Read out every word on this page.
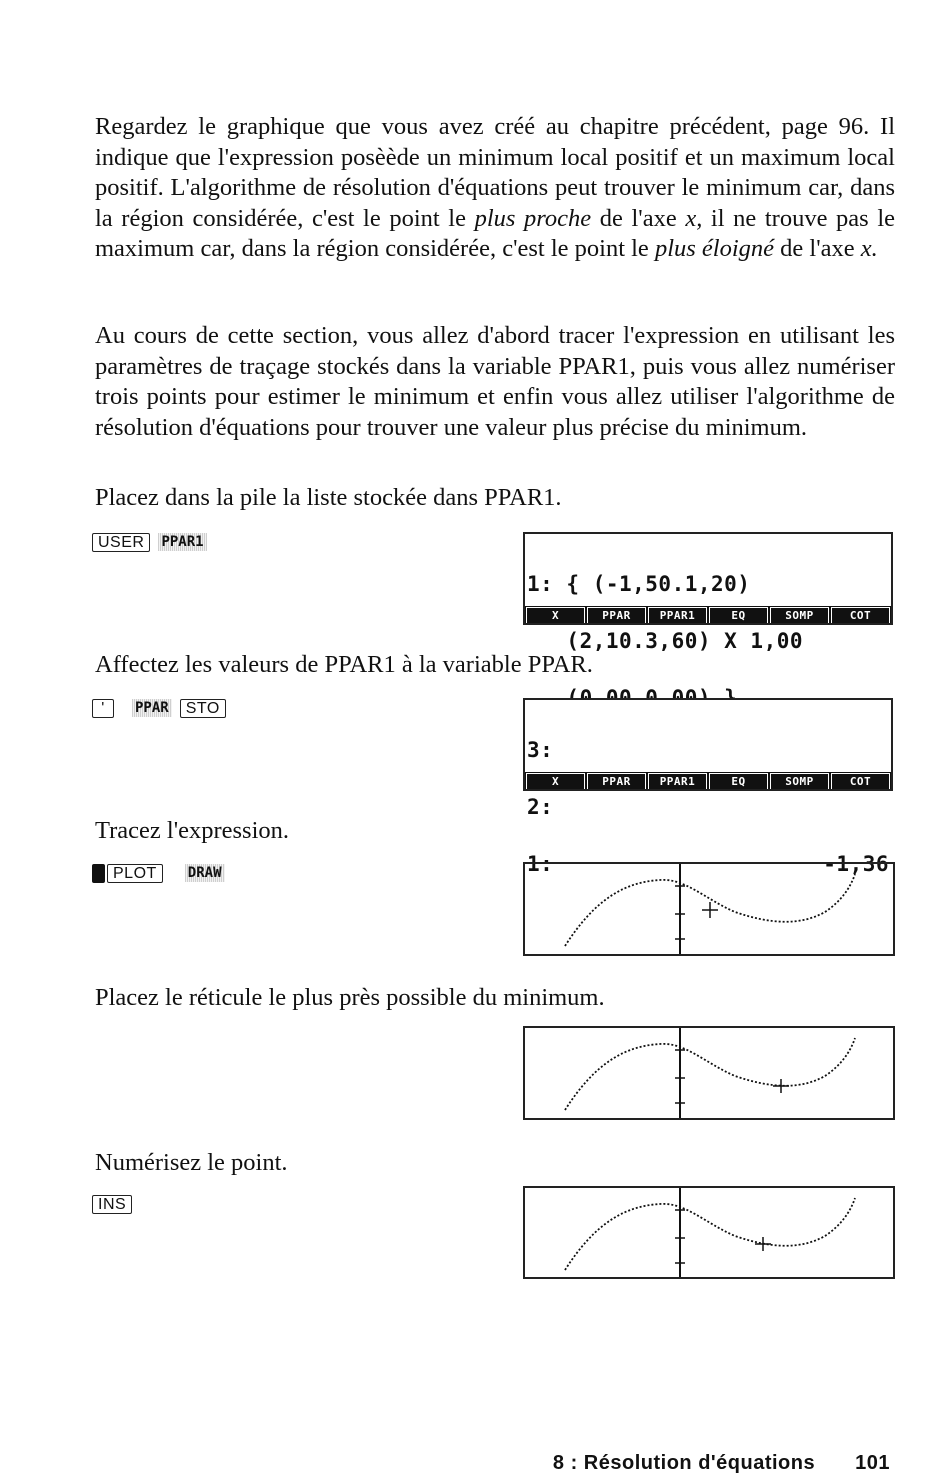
Regardez le graphique que vous avez créé au chapitre précédent, page 96. Il indique que l'expression posèède un minimum local positif et un maximum local positif. L'algorithme de résolution d'équations peut trouver le minimum car, dans la région considérée, c'est le point le plus proche de l'axe x, il ne trouve pas le maximum car, dans la région considérée, c'est le point le plus éloigné de l'axe x.

Au cours de cette section, vous allez d'abord tracer l'expression en utilisant les paramètres de traçage stockés dans la variable PPAR1, puis vous allez numériser trois points pour estimer le minimum et enfin vous allez utiliser l'algorithme de résolution d'équations pour trouver une valeur plus précise du minimum.

Placez dans la pile la liste stockée dans PPAR1.

USER	PPAR1

1: { (-1,50.1,20)

(2,10.3,60) X 1,00

X	PPAR	PPAR1	EQ	SOMP	COT

Affectez les valeurs de PPAR1 à la variable PPAR.

'	PPAR	STO

3:

2:

1:	-1,36

X	PPAR	PPAR1	EQ	SOMP	COT

Tracez l'expression.

PLOT	DRAW

Placez le réticule le plus près possible du minimum.

Numérisez le point.

INS
8 : Résolution d'équations 101
